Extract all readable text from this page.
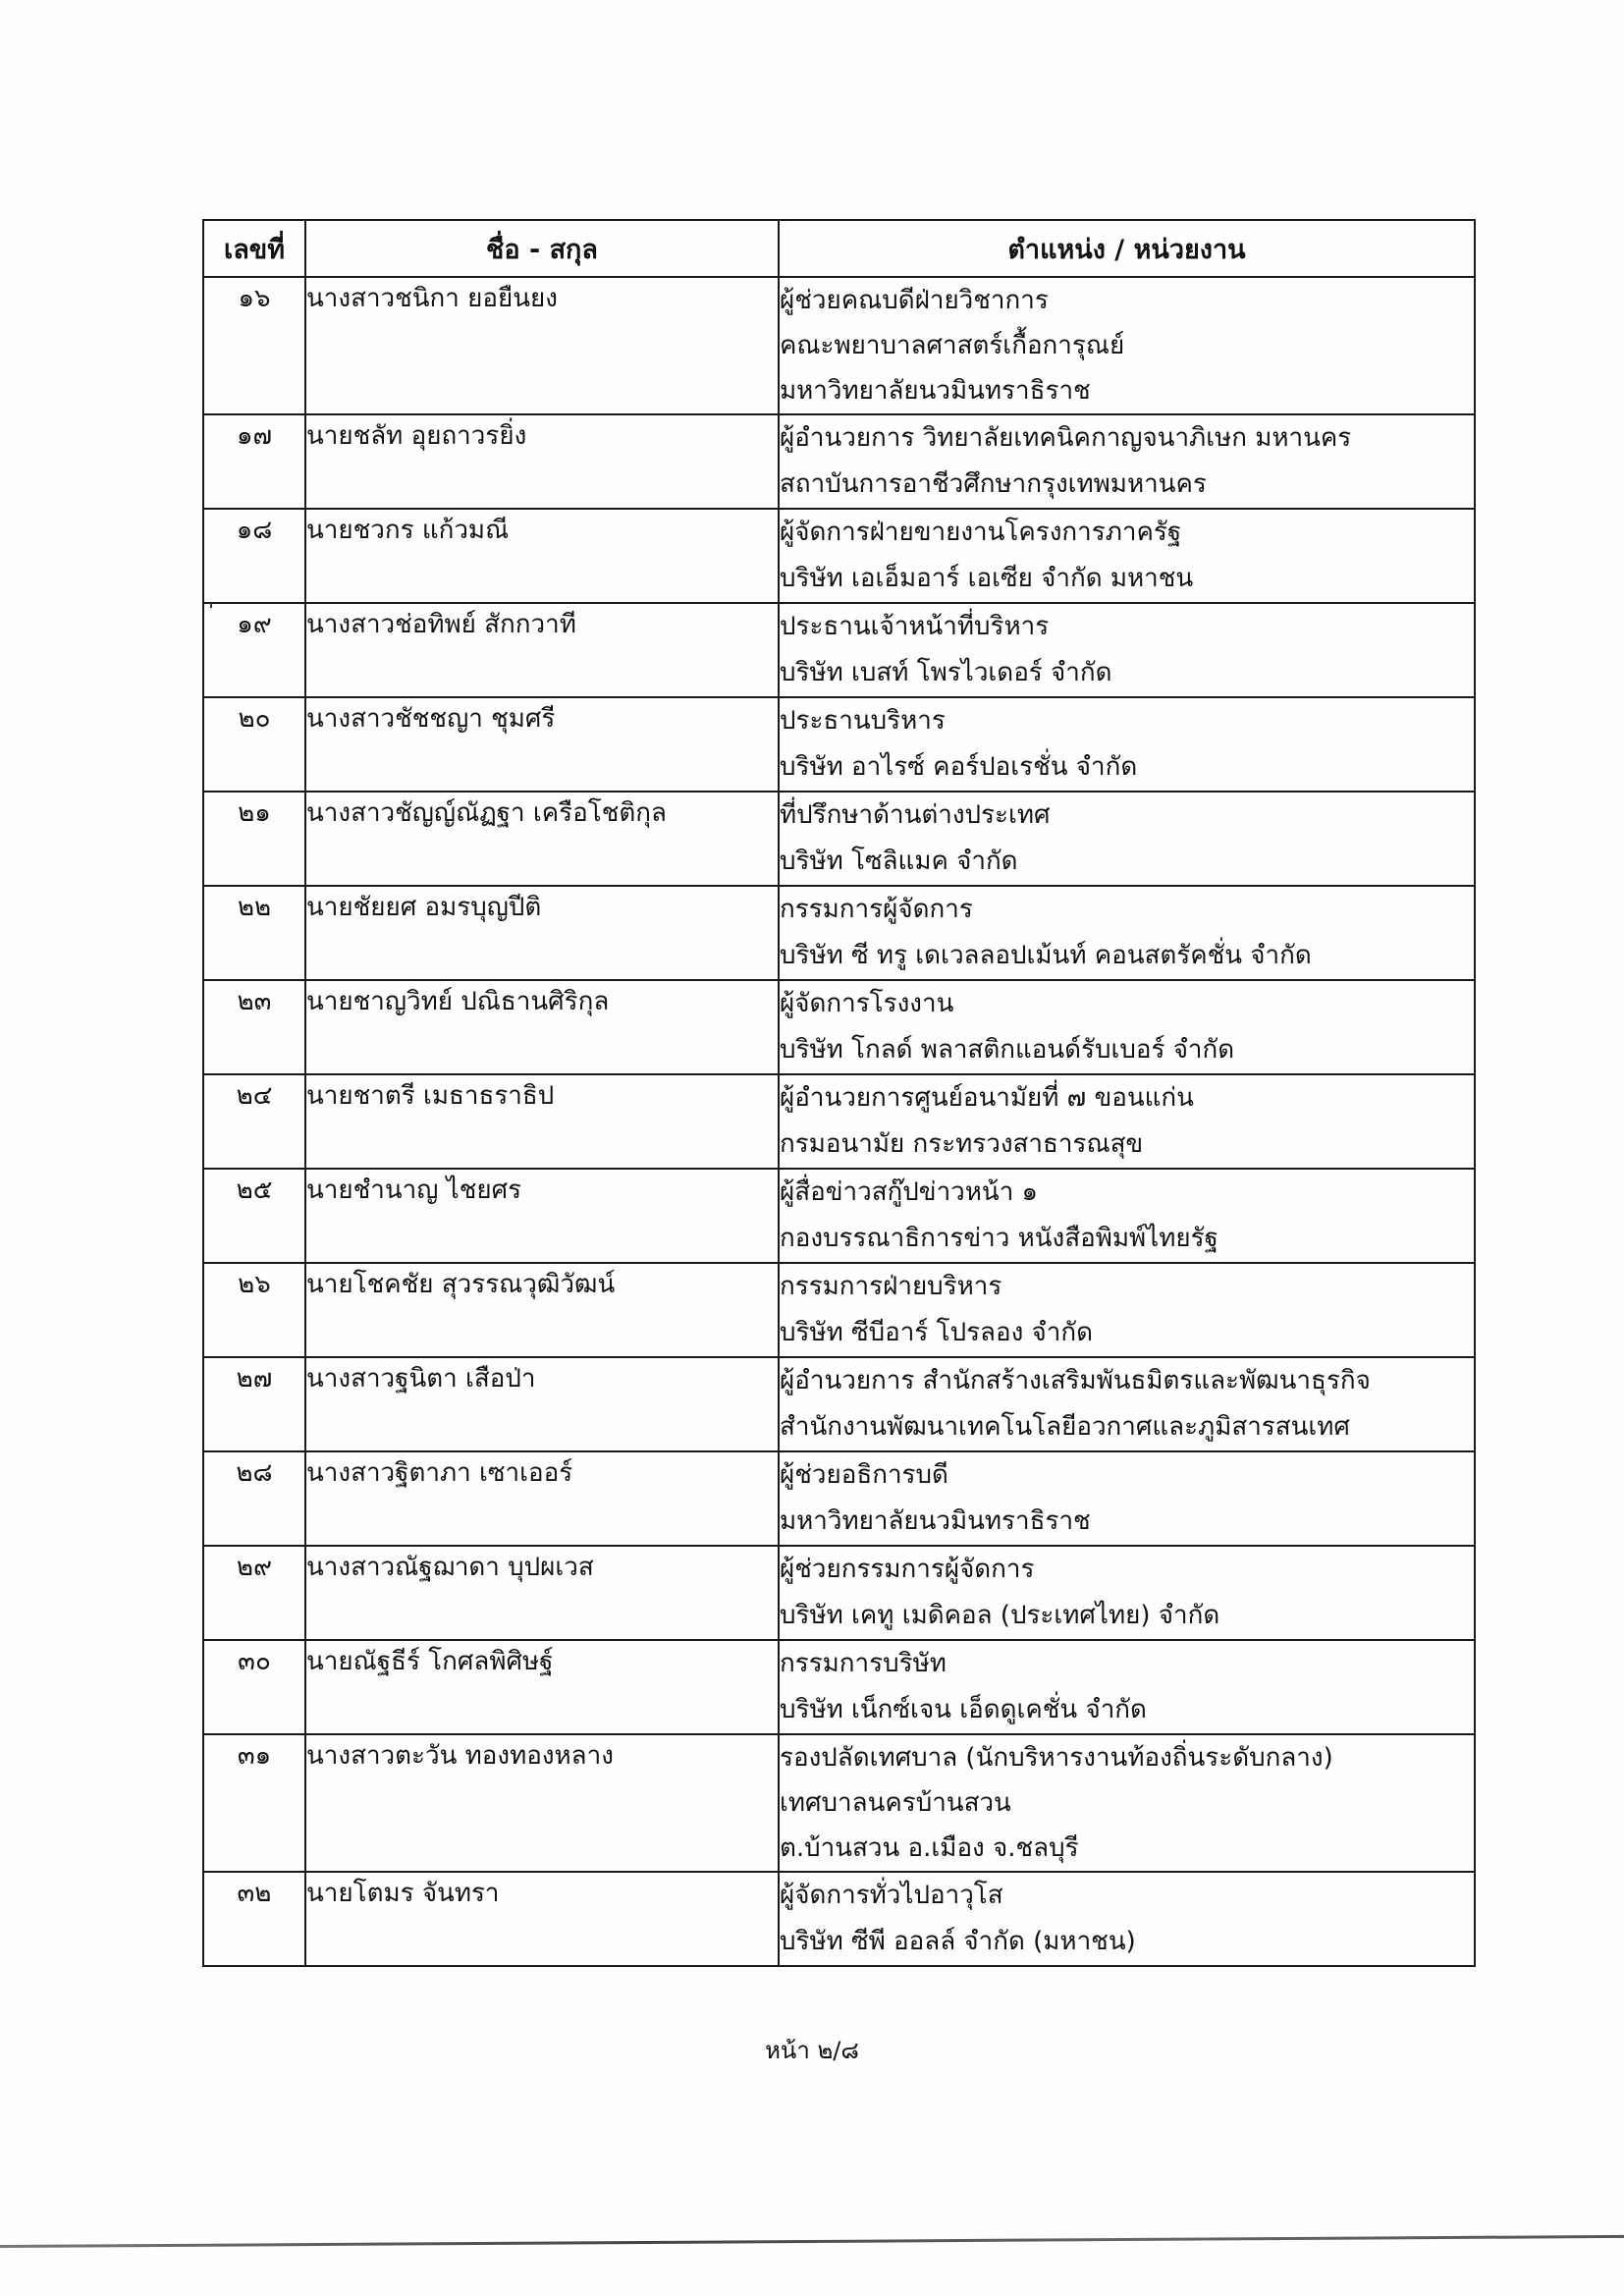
เลขที่	ชื่อ - สกุล	ตำแหน่ง / หน่วยงาน
๑๖	นางสาวชนิกา ยอยืนยง	ผู้ช่วยคณบดีฝ่ายวิชาการ
คณะพยาบาลศาสตร์เกื้อการุณย์
มหาวิทยาลัยนวมินทราธิราช

๑๗	นายชลัท อุยถาวรยิ่ง	ผู้อำนวยการ วิทยาลัยเทคนิคกาญจนาภิเษก มหานคร
สถาบันการอาชีวศึกษากรุงเทพมหานคร

๑๘	นายชวกร แก้วมณี	ผู้จัดการฝ่ายขายงานโครงการภาครัฐ
บริษัท เอเอ็มอาร์ เอเซีย จำกัด มหาชน

๑๙	นางสาวช่อทิพย์ สักกวาที	ประธานเจ้าหน้าที่บริหาร
บริษัท เบสท์ โพรไวเดอร์ จำกัด

๒๐	นางสาวชัชชญา ชุมศรี	ประธานบริหาร
บริษัท อาไรซ์ คอร์ปอเรชั่น จำกัด

๒๑	นางสาวชัญญ์ณัฏฐา เครือโชติกุล	ที่ปรึกษาด้านต่างประเทศ
บริษัท โซลิแมค จำกัด

๒๒	นายชัยยศ อมรบุญปีติ	กรรมการผู้จัดการ
บริษัท ซี ทรู เดเวลลอปเม้นท์ คอนสตรัคชั่น จำกัด

๒๓	นายชาญวิทย์ ปณิธานศิริกุล	ผู้จัดการโรงงาน
บริษัท โกลด์ พลาสติกแอนด์รับเบอร์ จำกัด

๒๔	นายชาตรี เมธาธราธิป	ผู้อำนวยการศูนย์อนามัยที่ ๗ ขอนแก่น
กรมอนามัย กระทรวงสาธารณสุข

๒๕	นายชำนาญ ไชยศร	ผู้สื่อข่าวสกู๊ปข่าวหน้า ๑
กองบรรณาธิการข่าว หนังสือพิมพ์ไทยรัฐ

๒๖	นายโชคชัย สุวรรณวุฒิวัฒน์	กรรมการฝ่ายบริหาร
บริษัท ซีบีอาร์ โปรลอง จำกัด

๒๗	นางสาวฐนิตา เสือป่า	ผู้อำนวยการ สำนักสร้างเสริมพันธมิตรและพัฒนาธุรกิจ
สำนักงานพัฒนาเทคโนโลยีอวกาศและภูมิสารสนเทศ

๒๘	นางสาวฐิตาภา เซาเออร์	ผู้ช่วยอธิการบดี
มหาวิทยาลัยนวมินทราธิราช

๒๙	นางสาวณัฐฌาดา บุปผเวส	ผู้ช่วยกรรมการผู้จัดการ
บริษัท เคทู เมดิคอล (ประเทศไทย) จำกัด

๓๐	นายณัฐธีร์ โกศลพิศิษฐ์	กรรมการบริษัท
บริษัท เน็กซ์เจน เอ็ดดูเคชั่น จำกัด

๓๑	นางสาวตะวัน ทองทองหลาง	รองปลัดเทศบาล (นักบริหารงานท้องถิ่นระดับกลาง)
เทศบาลนครบ้านสวน
ต.บ้านสวน อ.เมือง จ.ชลบุรี

๓๒	นายโตมร จันทรา	ผู้จัดการทั่วไปอาวุโส
บริษัท ซีพี ออลล์ จำกัด (มหาชน)
หน้า ๒/๘
